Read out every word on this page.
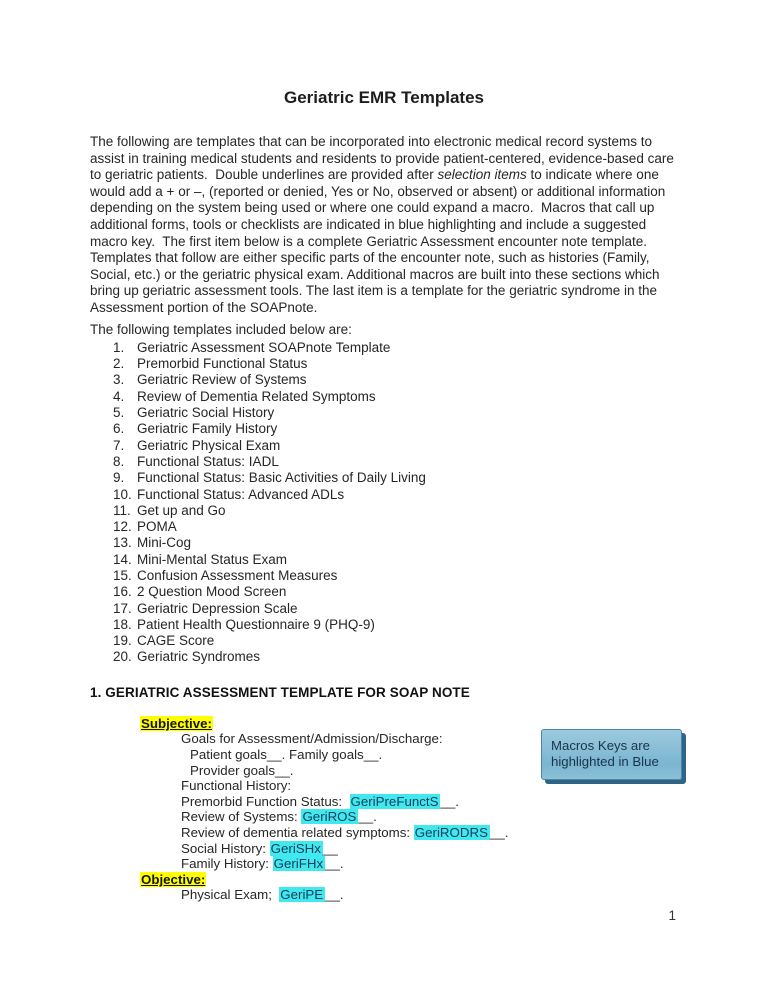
Geriatric EMR Templates
The following are templates that can be incorporated into electronic medical record systems to assist in training medical students and residents to provide patient-centered, evidence-based care to geriatric patients.  Double underlines are provided after selection items to indicate where one would add a + or –, (reported or denied, Yes or No, observed or absent) or additional information depending on the system being used or where one could expand a macro.  Macros that call up additional forms, tools or checklists are indicated in blue highlighting and include a suggested macro key.  The first item below is a complete Geriatric Assessment encounter note template.  Templates that follow are either specific parts of the encounter note, such as histories (Family, Social, etc.) or the geriatric physical exam. Additional macros are built into these sections which bring up geriatric assessment tools. The last item is a template for the geriatric syndrome in the Assessment portion of the SOAPnote.
The following templates included below are:
1. Geriatric Assessment SOAPnote Template
2. Premorbid Functional Status
3. Geriatric Review of Systems
4. Review of Dementia Related Symptoms
5. Geriatric Social History
6. Geriatric Family History
7. Geriatric Physical Exam
8. Functional Status: IADL
9. Functional Status: Basic Activities of Daily Living
10. Functional Status: Advanced ADLs
11. Get up and Go
12. POMA
13. Mini-Cog
14. Mini-Mental Status Exam
15. Confusion Assessment Measures
16. 2 Question Mood Screen
17. Geriatric Depression Scale
18. Patient Health Questionnaire 9 (PHQ-9)
19. CAGE Score
20. Geriatric Syndromes
1. GERIATRIC ASSESSMENT TEMPLATE FOR SOAP NOTE
Subjective:
Goals for Assessment/Admission/Discharge:
Patient goals__. Family goals__.
Provider goals__.
Functional History:
Premorbid Function Status:  GeriPreFunctS __.
Review of Systems: GeriROS __.
Review of dementia related symptoms: GeriRODRS __.
Social History: GeriSHx __
Family History: GeriFHx __.
Objective:
Physical Exam;  GeriPE __.
Macros Keys are
highlighted in Blue
1
